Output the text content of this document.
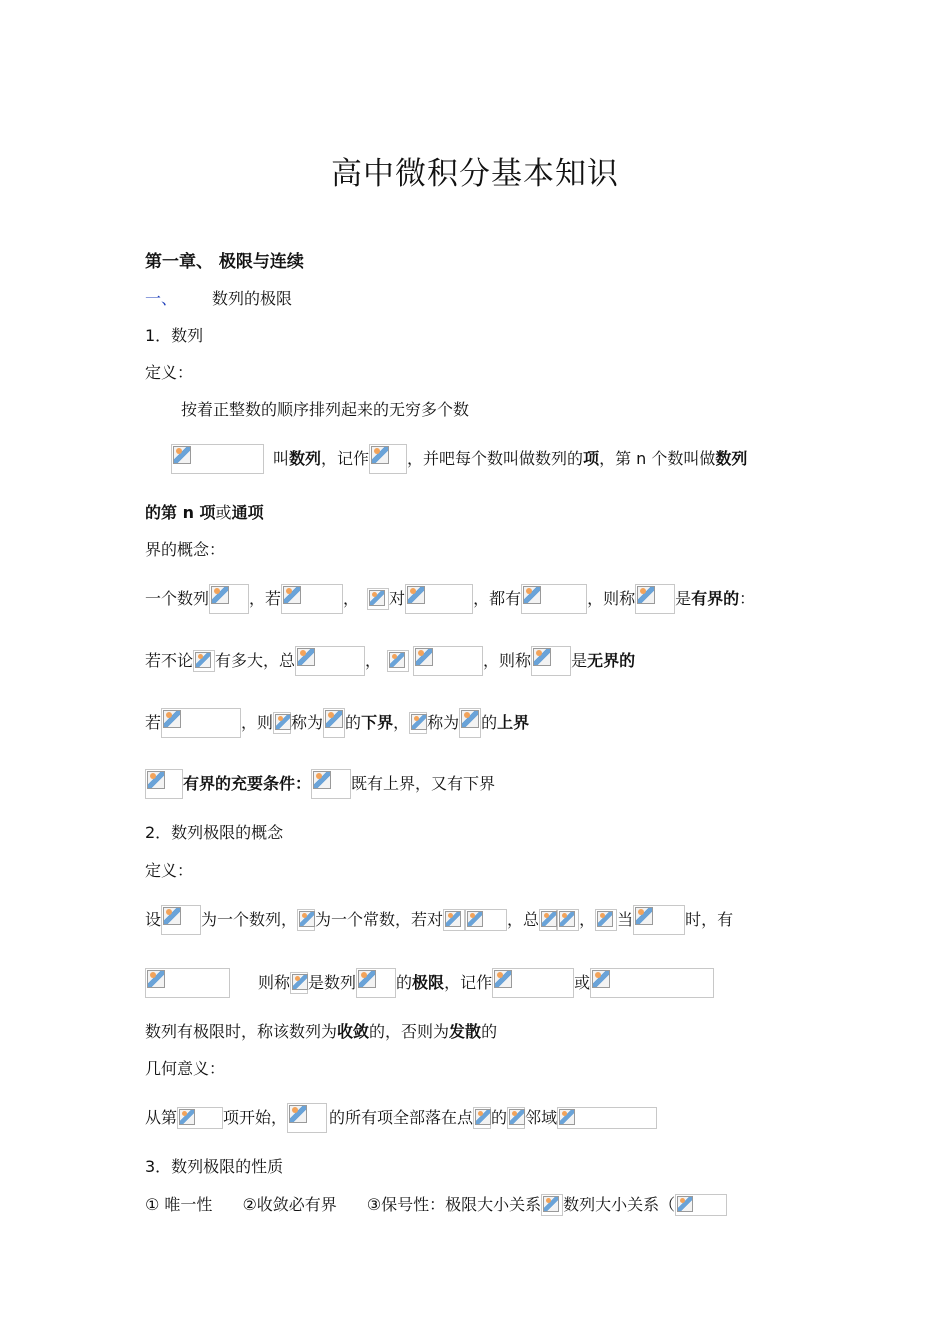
高中微积分基本知识
第一章、 极限与连续
一、	数列的极限
1．数列
定义：
按着正整数的顺序排列起来的无穷多个数
叫 数列 ，记作 ，并吧每个数叫做数列的 项 ，第 n 个数叫做 数列
的第 n 项 或 通项
界的概念：
一个数列	，若	， 对	，都有	，则称	是 有界的 ：
若不论 有多大，总	，	，则称	是 无界的
若	，则 称为 的 下界 ， 称为 的 上界
有界的充要条件：	既有上界，又有下界
2．数列极限的概念
定义：
设	为一个数列， 为一个常数，若对	，总	， 当	时，有
则称 是数列	的 极限 ，记作	或
数列有极限时，称该数列为 收敛 的，否则为 发散 的
几何意义：
从第	项开始，	的所有项全部落在点 的 邻域
3．数列极限的性质
① 唯一性 ②收敛必有界 ③保号性：极限大小关系 数列大小关系（
